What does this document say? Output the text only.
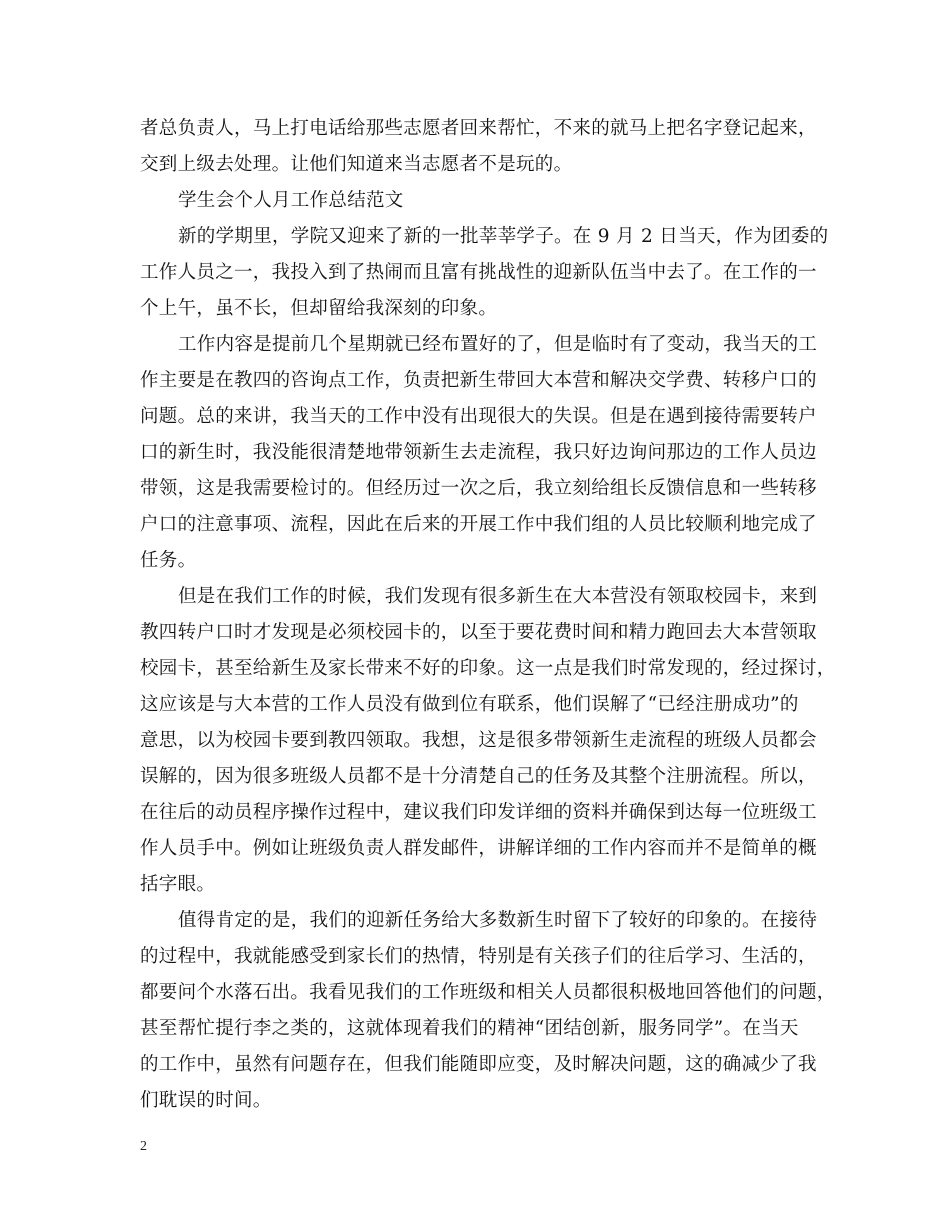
者总负责人，马上打电话给那些志愿者回来帮忙，不来的就马上把名字登记起来，
交到上级去处理。让他们知道来当志愿者不是玩的。
学生会个人月工作总结范文
新的学期里，学院又迎来了新的一批莘莘学子。在 9 月 2 日当天，作为团委的
工作人员之一，我投入到了热闹而且富有挑战性的迎新队伍当中去了。在工作的一
个上午，虽不长，但却留给我深刻的印象。
工作内容是提前几个星期就已经布置好的了，但是临时有了变动，我当天的工
作主要是在教四的咨询点工作，负责把新生带回大本营和解决交学费、转移户口的
问题。总的来讲，我当天的工作中没有出现很大的失误。但是在遇到接待需要转户
口的新生时，我没能很清楚地带领新生去走流程，我只好边询问那边的工作人员边
带领，这是我需要检讨的。但经历过一次之后，我立刻给组长反馈信息和一些转移
户口的注意事项、流程，因此在后来的开展工作中我们组的人员比较顺利地完成了
任务。
但是在我们工作的时候，我们发现有很多新生在大本营没有领取校园卡，来到
教四转户口时才发现是必须校园卡的，以至于要花费时间和精力跑回去大本营领取
校园卡，甚至给新生及家长带来不好的印象。这一点是我们时常发现的，经过探讨，
这应该是与大本营的工作人员没有做到位有联系，他们误解了“已经注册成功”的
意思，以为校园卡要到教四领取。我想，这是很多带领新生走流程的班级人员都会
误解的，因为很多班级人员都不是十分清楚自己的任务及其整个注册流程。所以，
在往后的动员程序操作过程中，建议我们印发详细的资料并确保到达每一位班级工
作人员手中。例如让班级负责人群发邮件，讲解详细的工作内容而并不是简单的概
括字眼。
值得肯定的是，我们的迎新任务给大多数新生时留下了较好的印象的。在接待
的过程中，我就能感受到家长们的热情，特别是有关孩子们的往后学习、生活的，
都要问个水落石出。我看见我们的工作班级和相关人员都很积极地回答他们的问题，
甚至帮忙提行李之类的，这就体现着我们的精神“团结创新，服务同学”。在当天
的工作中，虽然有问题存在，但我们能随即应变，及时解决问题，这的确减少了我
们耽误的时间。
2
